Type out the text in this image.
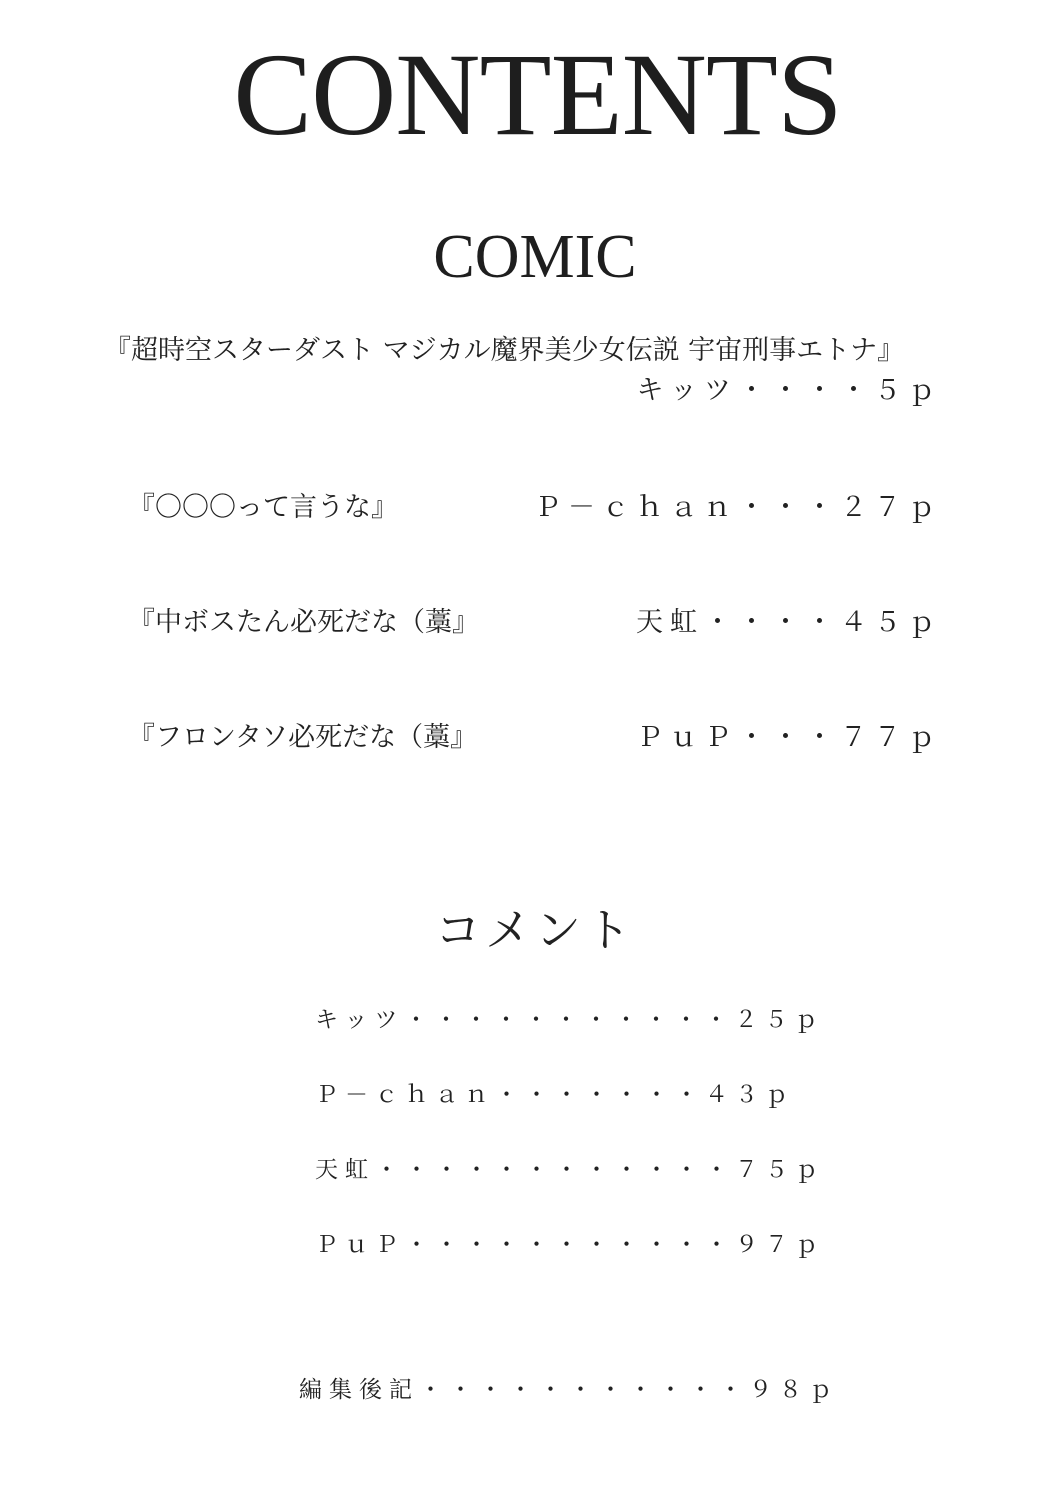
CONTENTS
COMIC
『超時空スターダスト マジカル魔界美少女伝説 宇宙刑事エトナ』
キッツ・・・・５ｐ
『〇〇〇って言うな』	Ｐ－ｃｈａｎ・・・２７ｐ
『中ボスたん必死だな（藁』	天虹・・・・４５ｐ
『フロンタソ必死だな（藁』	ＰｕＰ・・・７７ｐ
コメント
キッツ・・・・・・・・・・・２５ｐ
Ｐ－ｃｈａｎ・・・・・・・４３ｐ
天虹・・・・・・・・・・・・７５ｐ
ＰｕＰ・・・・・・・・・・・９７ｐ
編集後記・・・・・・・・・・・９８ｐ
